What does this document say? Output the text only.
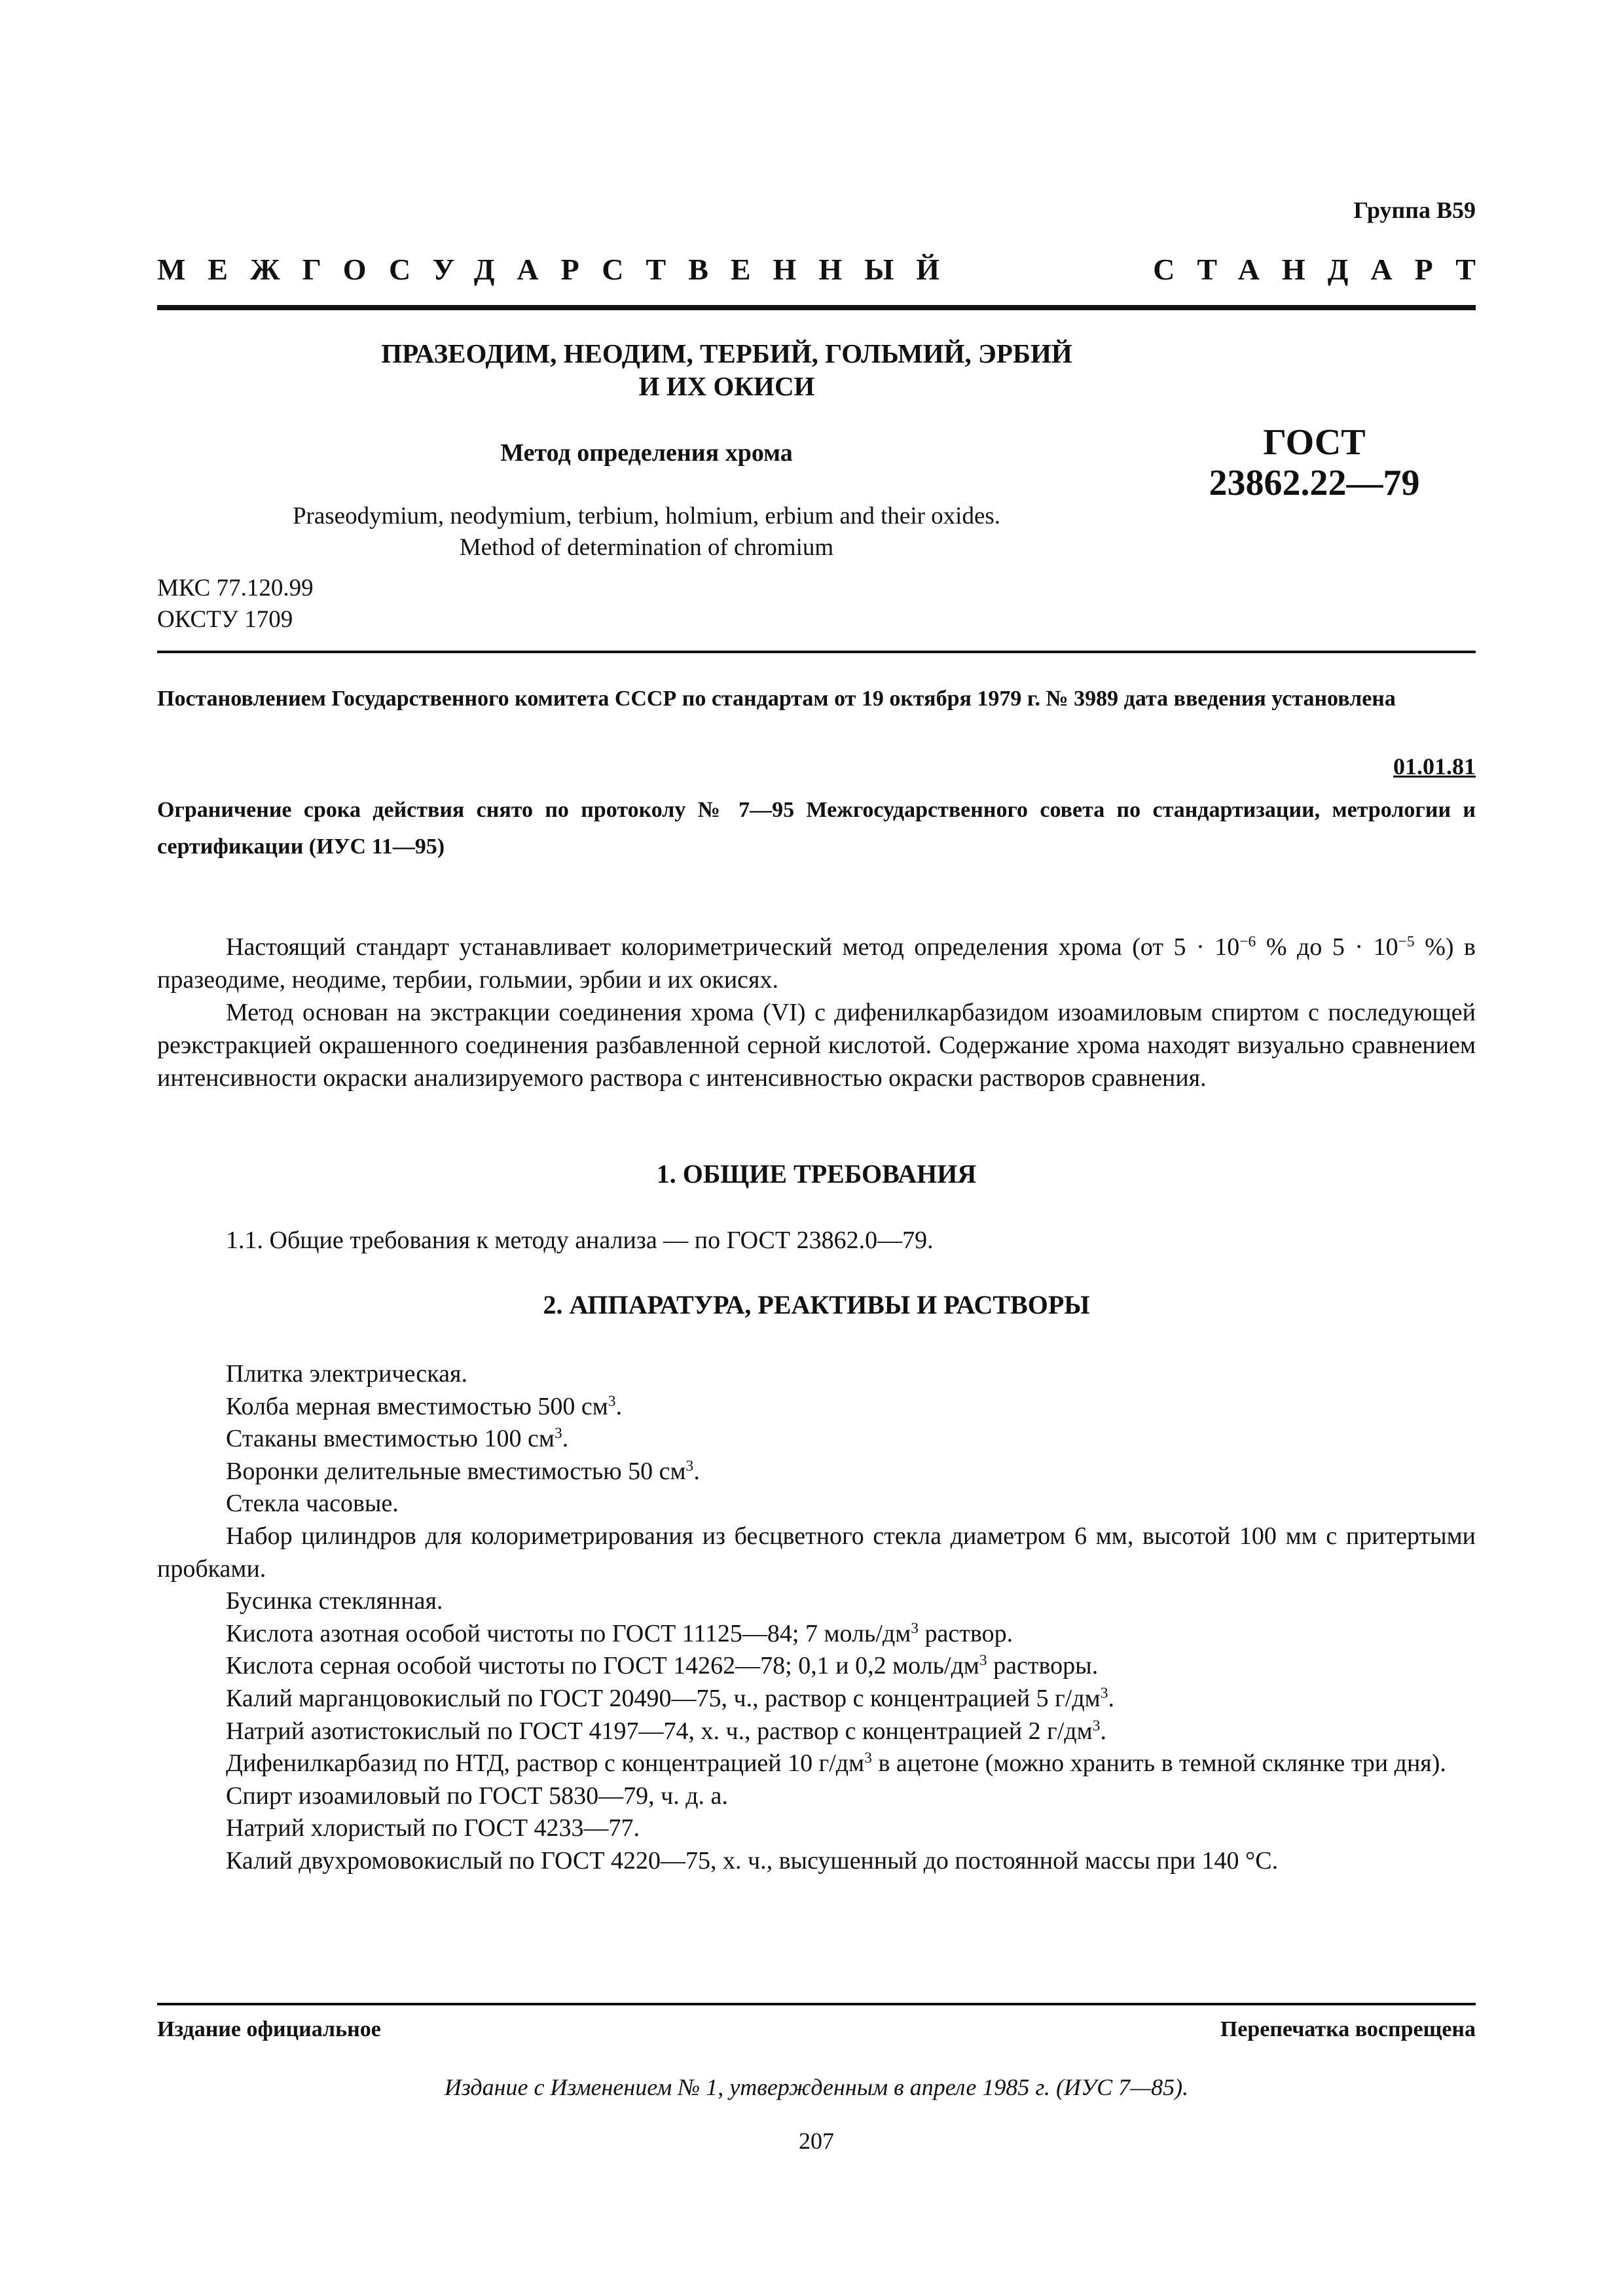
Группа В59
МЕЖГОСУДАРСТВЕННЫЙ	СТАНДАРТ
ПРАЗЕОДИМ, НЕОДИМ, ТЕРБИЙ, ГОЛЬМИЙ, ЭРБИЙ
И ИХ ОКИСИ
Метод определения хрома	ГОСТ
23862.22—79
Praseodymium, neodymium, terbium, holmium, erbium and their oxides.
Method of determination of chromium
МКС 77.120.99
ОКСТУ 1709
Постановлением Государственного комитета СССР по стандартам от 19 октября 1979 г. № 3989 дата введения установлена
01.01.81
Ограничение срока действия снято по протоколу № 7—95 Межгосударственного совета по стандартизации, метрологии и сертификации (ИУС 11—95)
Настоящий стандарт устанавливает колориметрический метод определения хрома (от $5 \cdot 10^{-6}$ % до $5 \cdot 10^{-5}$ %) в празеодиме, неодиме, тербии, гольмии, эрбии и их окисях.
Метод основан на экстракции соединения хрома (VI) с дифенилкарбазидом изоамиловым спиртом с последующей реэкстракцией окрашенного соединения разбавленной серной кислотой. Содержание хрома находят визуально сравнением интенсивности окраски анализируемого раствора с интенсивностью окраски растворов сравнения.
1. ОБЩИЕ ТРЕБОВАНИЯ
1.1. Общие требования к методу анализа — по ГОСТ 23862.0—79.
2. АППАРАТУРА, РЕАКТИВЫ И РАСТВОРЫ
Плитка электрическая.
Колба мерная вместимостью 500 $см^3$.
Стаканы вместимостью 100 $см^3$.
Воронки делительные вместимостью 50 $см^3$.
Стекла часовые.
Набор цилиндров для колориметрирования из бесцветного стекла диаметром 6 мм, высотой 100 мм с притертыми пробками.
Бусинка стеклянная.
Кислота азотная особой чистоты по ГОСТ 11125—84; 7 моль/$дм^3$ раствор.
Кислота серная особой чистоты по ГОСТ 14262—78; 0,1 и 0,2 моль/$дм^3$ растворы.
Калий марганцовокислый по ГОСТ 20490—75, ч., раствор с концентрацией 5 $г/дм^3$.
Натрий азотистокислый по ГОСТ 4197—74, х. ч., раствор с концентрацией 2 $г/дм^3$.
Дифенилкарбазид по НТД, раствор с концентрацией 10 $г/дм^3$ в ацетоне (можно хранить в темной склянке три дня).
Спирт изоамиловый по ГОСТ 5830—79, ч. д. а.
Натрий хлористый по ГОСТ 4233—77.
Калий двухромовокислый по ГОСТ 4220—75, х. ч., высушенный до постоянной массы при 140 °С.
Издание официальное	Перепечатка воспрещена
Издание с Изменением № 1, утвержденным в апреле 1985 г. (ИУС 7—85).
207
